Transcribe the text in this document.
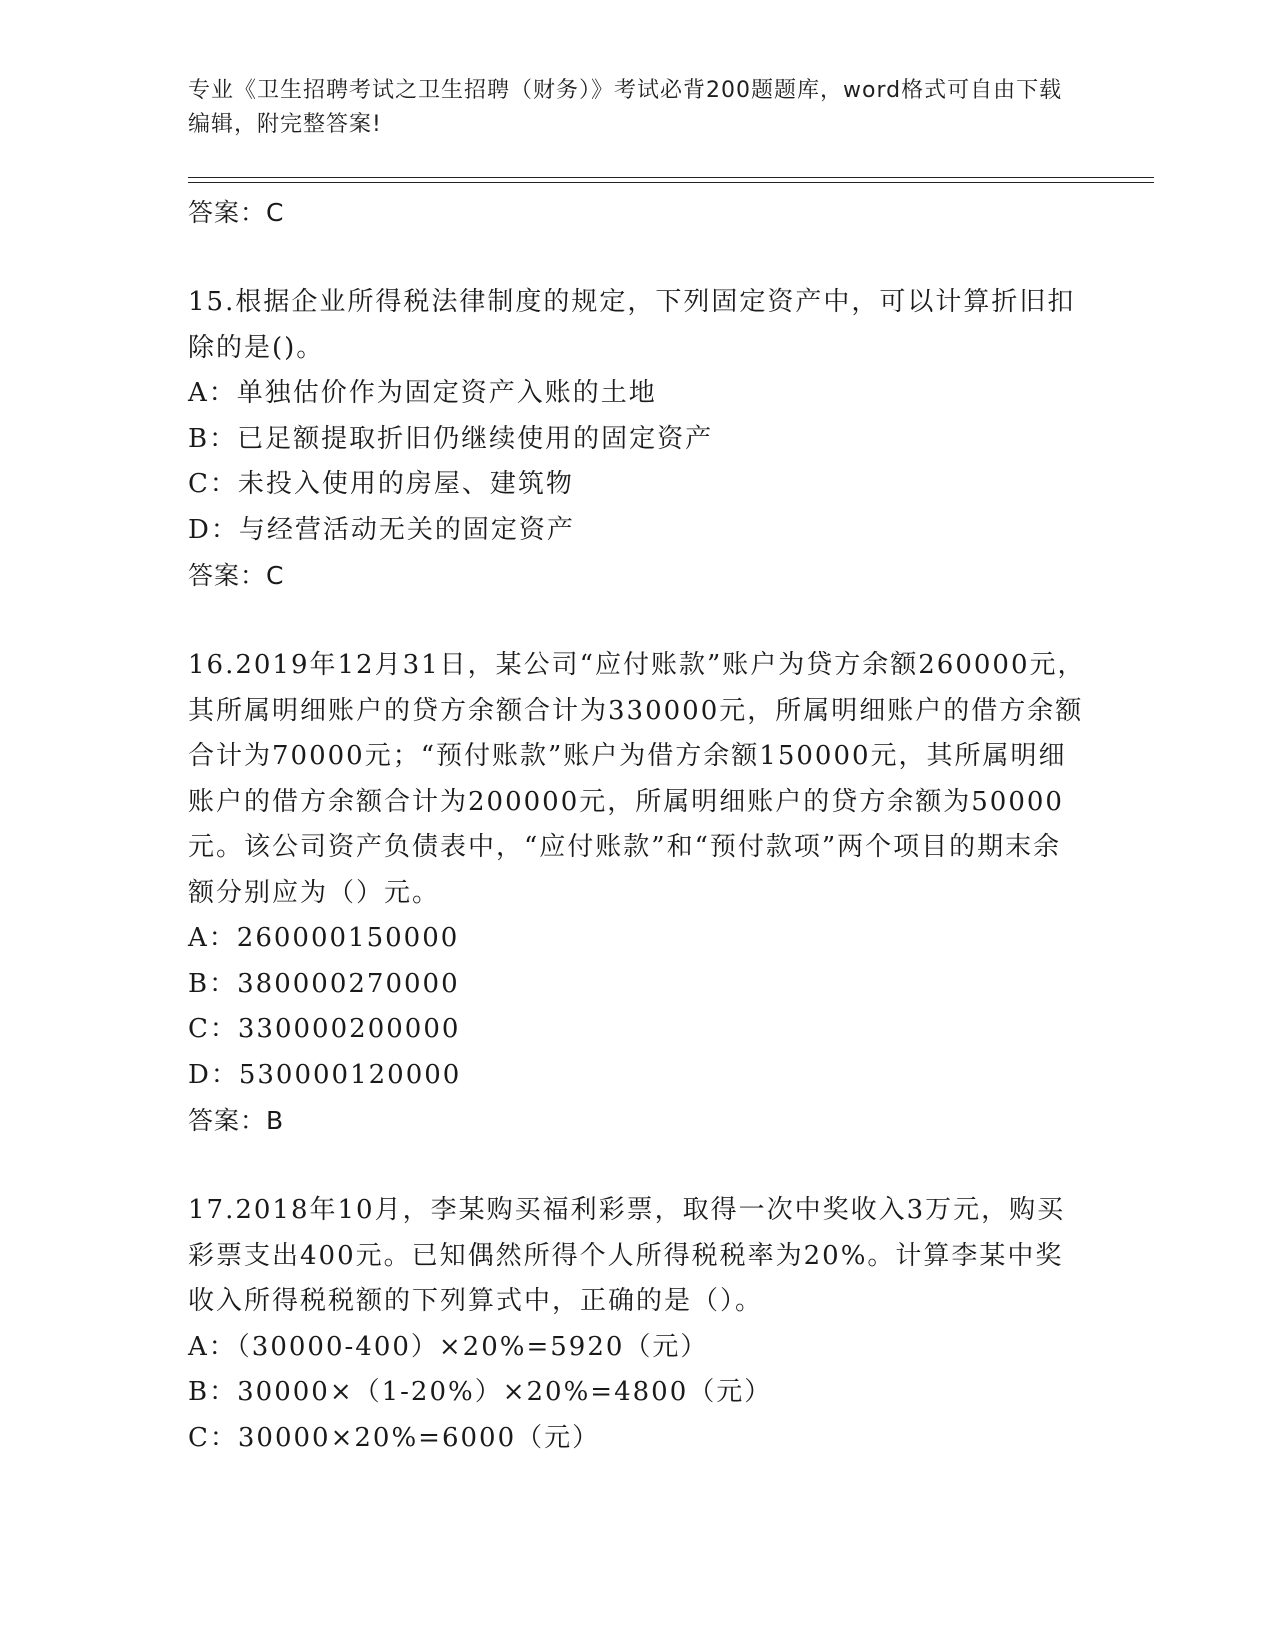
专业《卫生招聘考试之卫生招聘（财务）》考试必背200题题库，word格式可自由下载编辑，附完整答案!
答案：C
15.根据企业所得税法律制度的规定，下列固定资产中，可以计算折旧扣除的是()。
A：单独估价作为固定资产入账的土地
B：已足额提取折旧仍继续使用的固定资产
C：未投入使用的房屋、建筑物
D：与经营活动无关的固定资产
答案：C
16.2019年12月31日，某公司“应付账款”账户为贷方余额260000元，其所属明细账户的贷方余额合计为330000元，所属明细账户的借方余额合计为70000元；“预付账款”账户为借方余额150000元，其所属明细账户的借方余额合计为200000元，所属明细账户的贷方余额为50000元。该公司资产负债表中，“应付账款”和“预付款项”两个项目的期末余额分别应为（）元。
A：260000150000
B：380000270000
C：330000200000
D：530000120000
答案：B
17.2018年10月，李某购买福利彩票，取得一次中奖收入3万元，购买彩票支出400元。已知偶然所得个人所得税税率为20%。计算李某中奖收入所得税税额的下列算式中，正确的是（）。
A：（30000-400）×20%=5920（元）
B：30000×（1-20%）×20%=4800（元）
C：30000×20%=6000（元）
